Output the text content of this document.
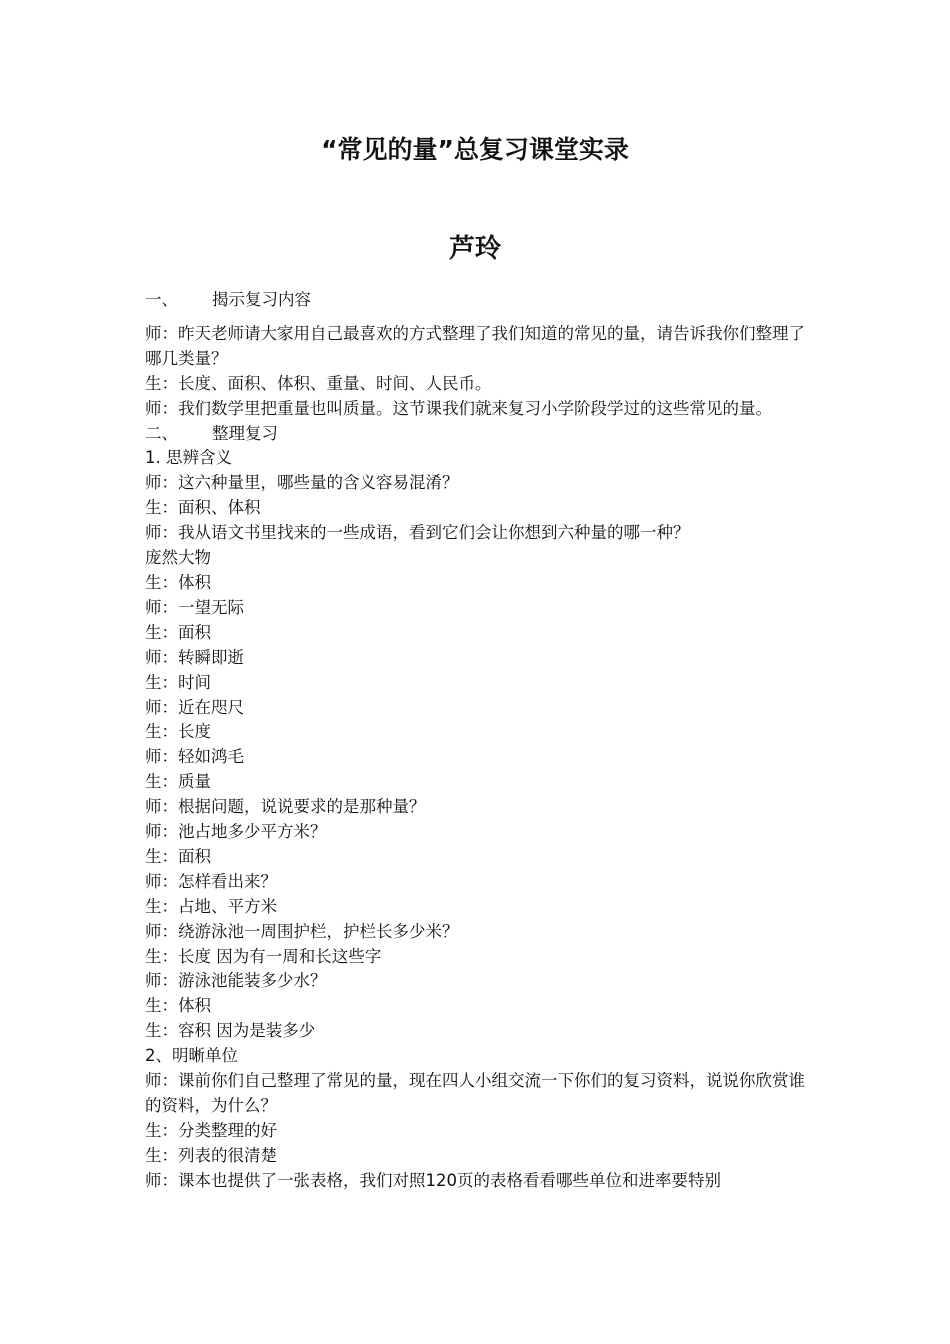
“常见的量”总复习课堂实录
芦玲
一、	揭示复习内容

师：昨天老师请大家用自己最喜欢的方式整理了我们知道的常见的量，请告诉我你们整理了哪几类量？

生：长度、面积、体积、重量、时间、人民币。

师：我们数学里把重量也叫质量。这节课我们就来复习小学阶段学过的这些常见的量。

二、	整理复习

1. 思辨含义

师：这六种量里，哪些量的含义容易混淆？

生：面积、体积

师：我从语文书里找来的一些成语，看到它们会让你想到六种量的哪一种？

庞然大物

生：体积

师：一望无际

生：面积

师：转瞬即逝

生：时间

师：近在咫尺

生：长度

师：轻如鸿毛

生：质量

师：根据问题，说说要求的是那种量？

师：池占地多少平方米？

生：面积

师：怎样看出来？

生：占地、平方米

师：绕游泳池一周围护栏，护栏长多少米？

生：长度 因为有一周和长这些字

师：游泳池能装多少水？

生：体积

生：容积 因为是装多少

2、明晰单位

师：课前你们自己整理了常见的量，现在四人小组交流一下你们的复习资料，说说你欣赏谁的资料，为什么？

生：分类整理的好

生：列表的很清楚

师：课本也提供了一张表格，我们对照120页的表格看看哪些单位和进率要特别
